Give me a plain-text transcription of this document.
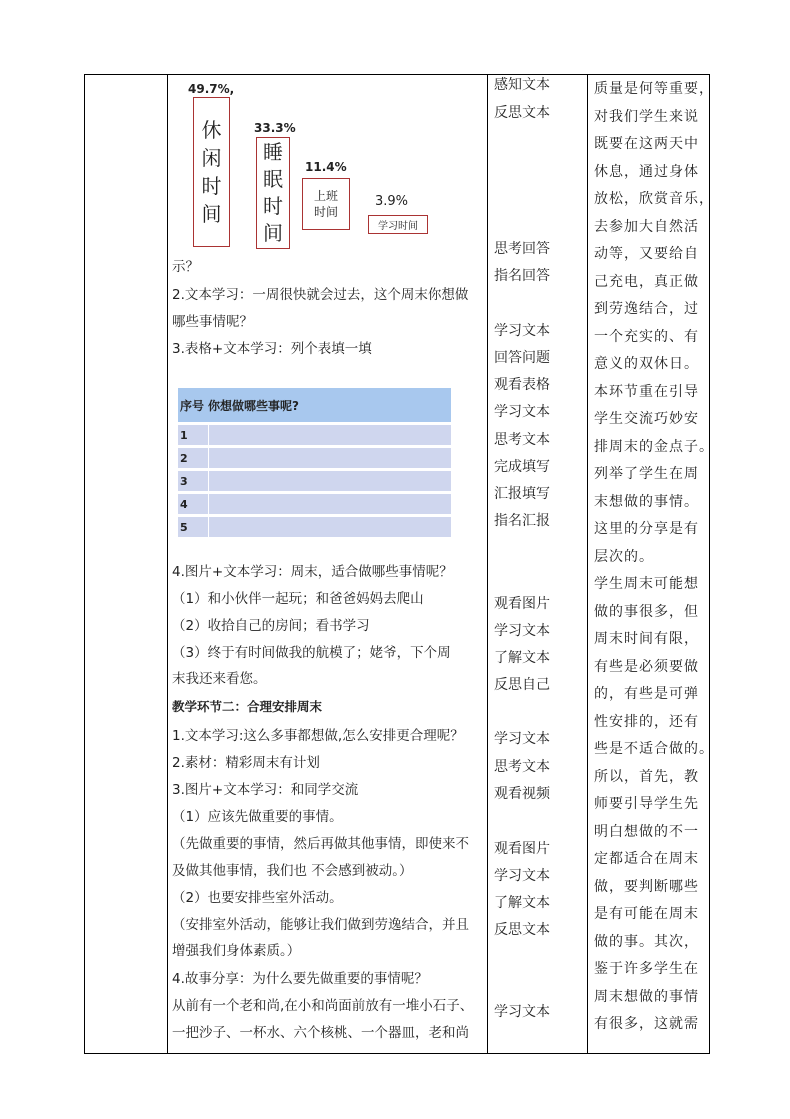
49.7%,
休
闲
时
间
33.3%
睡
眠
时
间
11.4%
上班
时间
3.9%
学习时间
示？
2.文本学习：一周很快就会过去，这个周末你想做
哪些事情呢？
3.表格+文本学习：列个表填一填
序号 你想做哪些事呢?
1
2
3
4
5
4.图片+文本学习：周末，适合做哪些事情呢？
（1）和小伙伴一起玩；和爸爸妈妈去爬山
（2）收拾自己的房间；看书学习
（3）终于有时间做我的航模了；姥爷，下个周
末我还来看您。
教学环节二：合理安排周末
1.文本学习:这么多事都想做,怎么安排更合理呢？
2.素材：精彩周末有计划
3.图片+文本学习：和同学交流
（1）应该先做重要的事情。
（先做重要的事情，然后再做其他事情，即使来不
及做其他事情，我们也 不会感到被动。）
（2）也要安排些室外活动。
（安排室外活动，能够让我们做到劳逸结合，并且
增强我们身体素质。）
4.故事分享：为什么要先做重要的事情呢？
从前有一个老和尚,在小和尚面前放有一堆小石子、
一把沙子、一杯水、六个核桃、一个器皿，老和尚
感知文本
反思文本
思考回答
指名回答
学习文本
回答问题
观看表格
学习文本
思考文本
完成填写
汇报填写
指名汇报
观看图片
学习文本
了解文本
反思自己
学习文本
思考文本
观看视频
观看图片
学习文本
了解文本
反思文本
学习文本
质量是何等重要，
对我们学生来说
既要在这两天中
休息，通过身体
放松，欣赏音乐，
去参加大自然活
动等，又要给自
己充电，真正做
到劳逸结合，过
一个充实的、有
意义的双休日。
本环节重在引导
学生交流巧妙安
排周末的金点子。
列举了学生在周
末想做的事情。
这里的分享是有
层次的。
学生周末可能想
做的事很多，但
周末时间有限，
有些是必须要做
的，有些是可弹
性安排的，还有
些是不适合做的。
所以，首先，教
师要引导学生先
明白想做的不一
定都适合在周末
做，要判断哪些
是有可能在周末
做的事。其次，
鉴于许多学生在
周末想做的事情
有很多，这就需
